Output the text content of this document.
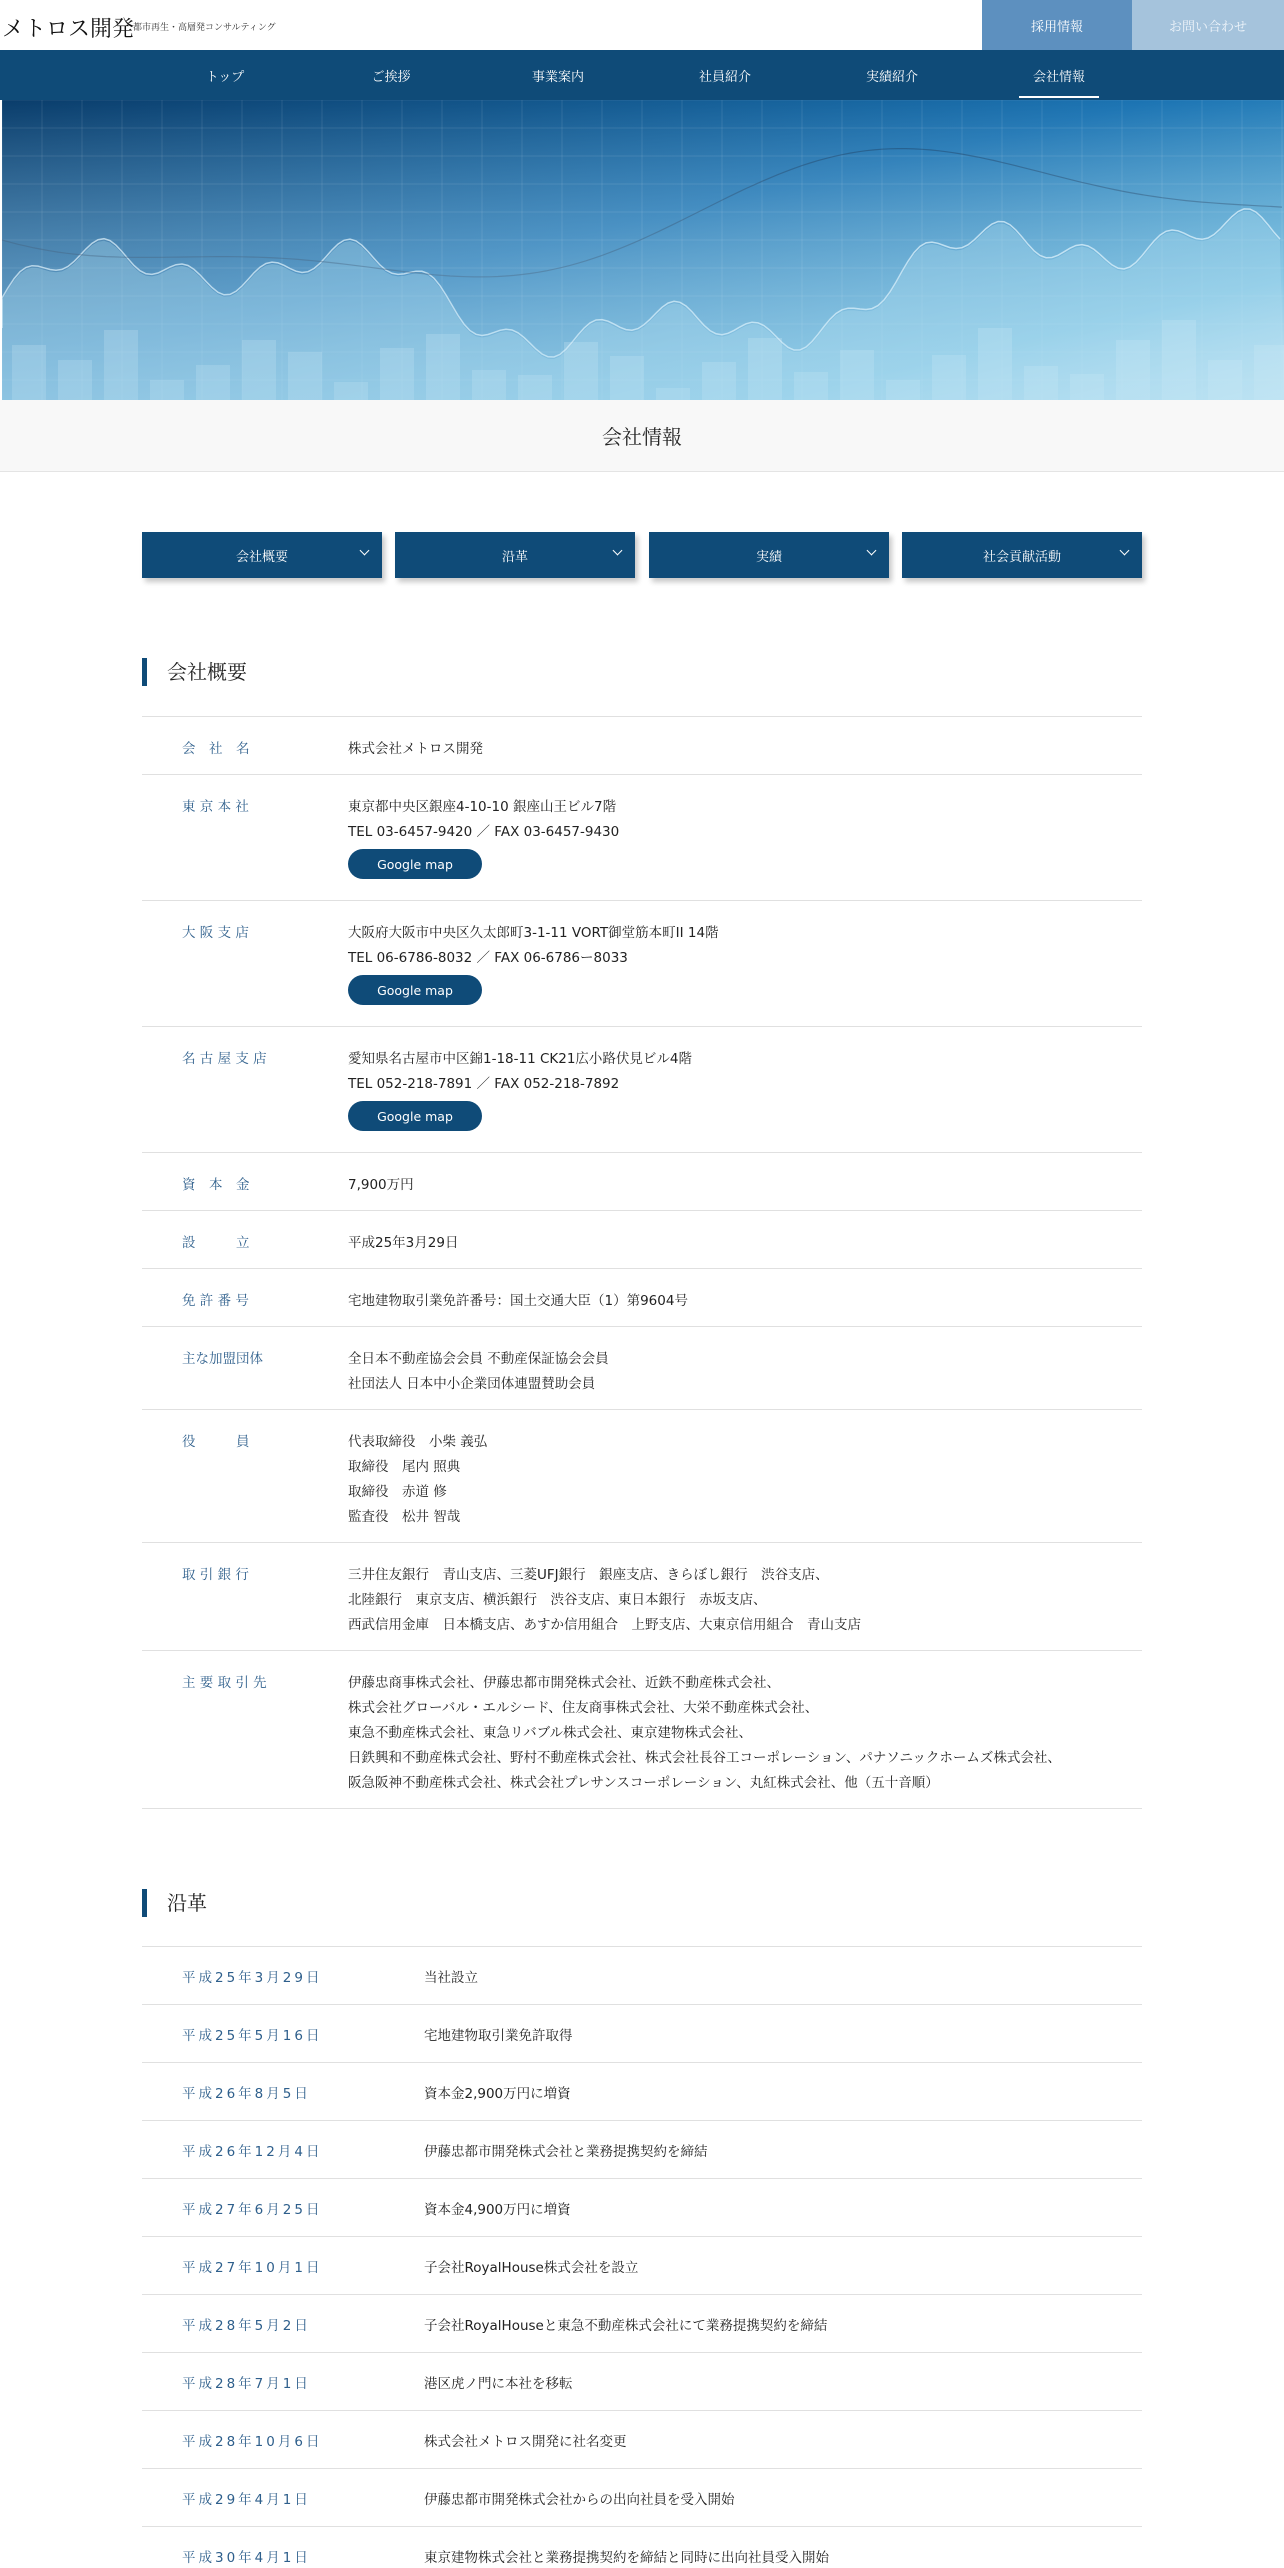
メトロス開発
都市再生・高層発コンサルティング	採用情報	お問い合わせ
トップ	ご挨拶	事業案内	社員紹介	実績紹介	会社情報
会社情報
会社概要	沿革	実績	社会貢献活動
会社概要
会　社　名	株式会社メトロス開発
東 京 本 社	東京都中央区銀座4-10-10 銀座山王ビル7階
TEL 03-6457-9420 ／ FAX 03-6457-9430
Google map
大 阪 支 店	大阪府大阪市中央区久太郎町3-1-11 VORT御堂筋本町II 14階
TEL 06-6786-8032 ／ FAX 06-6786ー8033
Google map
名 古 屋 支 店	愛知県名古屋市中区錦1-18-11 CK21広小路伏見ビル4階
TEL 052-218-7891 ／ FAX 052-218-7892
Google map
資　本　金	7,900万円
設　　　立	平成25年3月29日
免 許 番 号	宅地建物取引業免許番号：国土交通大臣（1）第9604号
主な加盟団体	全日本不動産協会会員 不動産保証協会会員
社団法人 日本中小企業団体連盟賛助会員
役　　　員	代表取締役　小柴 義弘
取締役　尾内 照典
取締役　赤道 修
監査役　松井 智哉
取 引 銀 行	三井住友銀行　青山支店、三菱UFJ銀行　銀座支店、きらぼし銀行　渋谷支店、
北陸銀行　東京支店、横浜銀行　渋谷支店、東日本銀行　赤坂支店、
西武信用金庫　日本橋支店、あすか信用組合　上野支店、大東京信用組合　青山支店
主 要 取 引 先	伊藤忠商事株式会社、伊藤忠都市開発株式会社、近鉄不動産株式会社、
株式会社グローバル・エルシード、住友商事株式会社、大栄不動産株式会社、
東急不動産株式会社、東急リバブル株式会社、東京建物株式会社、
日鉄興和不動産株式会社、野村不動産株式会社、株式会社長谷工コーポレーション、パナソニックホームズ株式会社、
阪急阪神不動産株式会社、株式会社プレサンスコーポレーション、丸紅株式会社、他（五十音順）
沿革
平成25年3月29日	当社設立
平成25年5月16日	宅地建物取引業免許取得
平成26年8月5日	資本金2,900万円に増資
平成26年12月4日	伊藤忠都市開発株式会社と業務提携契約を締結
平成27年6月25日	資本金4,900万円に増資
平成27年10月1日	子会社RoyalHouse株式会社を設立
平成28年5月2日	子会社RoyalHouseと東急不動産株式会社にて業務提携契約を締結
平成28年7月1日	港区虎ノ門に本社を移転
平成28年10月6日	株式会社メトロス開発に社名変更
平成29年4月1日	伊藤忠都市開発株式会社からの出向社員を受入開始
平成30年4月1日	東京建物株式会社と業務提携契約を締結と同時に出向社員受入開始
